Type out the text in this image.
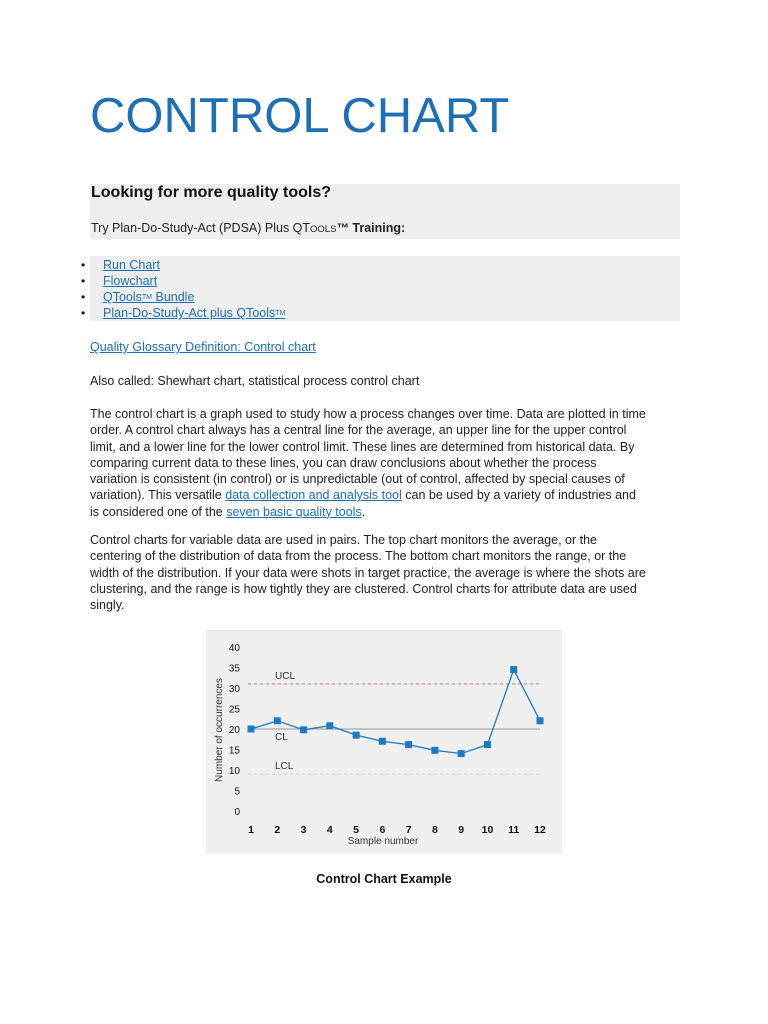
CONTROL CHART
Looking for more quality tools?
Try Plan-Do-Study-Act (PDSA) Plus QTOOLS™ Training:
• Run Chart
• Flowchart
• QTools™ Bundle
• Plan-Do-Study-Act plus QTools™

Quality Glossary Definition: Control chart

Also called: Shewhart chart, statistical process control chart

The control chart is a graph used to study how a process changes over time. Data are plotted in time
order. A control chart always has a central line for the average, an upper line for the upper control
limit, and a lower line for the lower control limit. These lines are determined from historical data. By
comparing current data to these lines, you can draw conclusions about whether the process
variation is consistent (in control) or is unpredictable (out of control, affected by special causes of
variation). This versatile data collection and analysis tool can be used by a variety of industries and
is considered one of the seven basic quality tools.

Control charts for variable data are used in pairs. The top chart monitors the average, or the
centering of the distribution of data from the process. The bottom chart monitors the range, or the
width of the distribution. If your data were shots in target practice, the average is where the shots are
clustering, and the range is how tightly they are clustered. Control charts for attribute data are used
singly.

UCL
CL
LCL
0
5
10
15
20
25
30
35
40
1 2 3 4 5 6 7 8 9 10 11 12
Sample number
Number of occurrences
Control Chart Example
